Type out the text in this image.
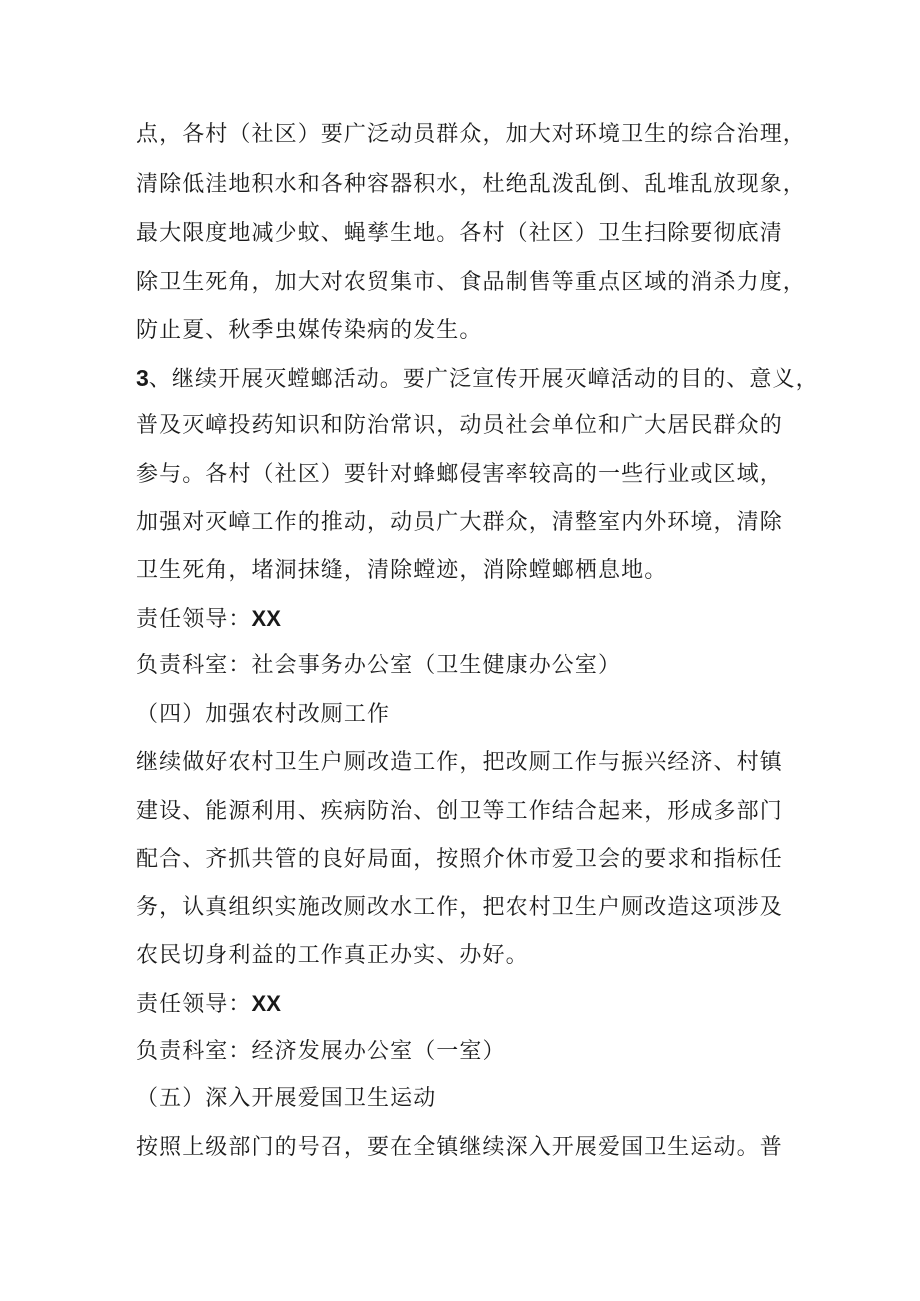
点，各村（社区）要广泛动员群众，加大对环境卫生的综合治理，
清除低洼地积水和各种容器积水，杜绝乱泼乱倒、乱堆乱放现象，
最大限度地减少蚊、蝇孳生地。各村（社区）卫生扫除要彻底清
除卫生死角，加大对农贸集市、食品制售等重点区域的消杀力度，
防止夏、秋季虫媒传染病的发生。
3、继续开展灭螳螂活动。要广泛宣传开展灭嶂活动的目的、意义，
普及灭嶂投药知识和防治常识，动员社会单位和广大居民群众的
参与。各村（社区）要针对蜂螂侵害率较高的一些行业或区域，
加强对灭嶂工作的推动，动员广大群众，清整室内外环境，清除
卫生死角，堵洞抹缝，清除螳迹，消除螳螂栖息地。
责任领导：XX
负责科室：社会事务办公室（卫生健康办公室）
（四）加强农村改厕工作
继续做好农村卫生户厕改造工作，把改厕工作与振兴经济、村镇
建设、能源利用、疾病防治、创卫等工作结合起来，形成多部门
配合、齐抓共管的良好局面，按照介休市爱卫会的要求和指标任
务，认真组织实施改厕改水工作，把农村卫生户厕改造这项涉及
农民切身利益的工作真正办实、办好。
责任领导：XX
负责科室：经济发展办公室（一室）
（五）深入开展爱国卫生运动
按照上级部门的号召，要在全镇继续深入开展爱国卫生运动。普
